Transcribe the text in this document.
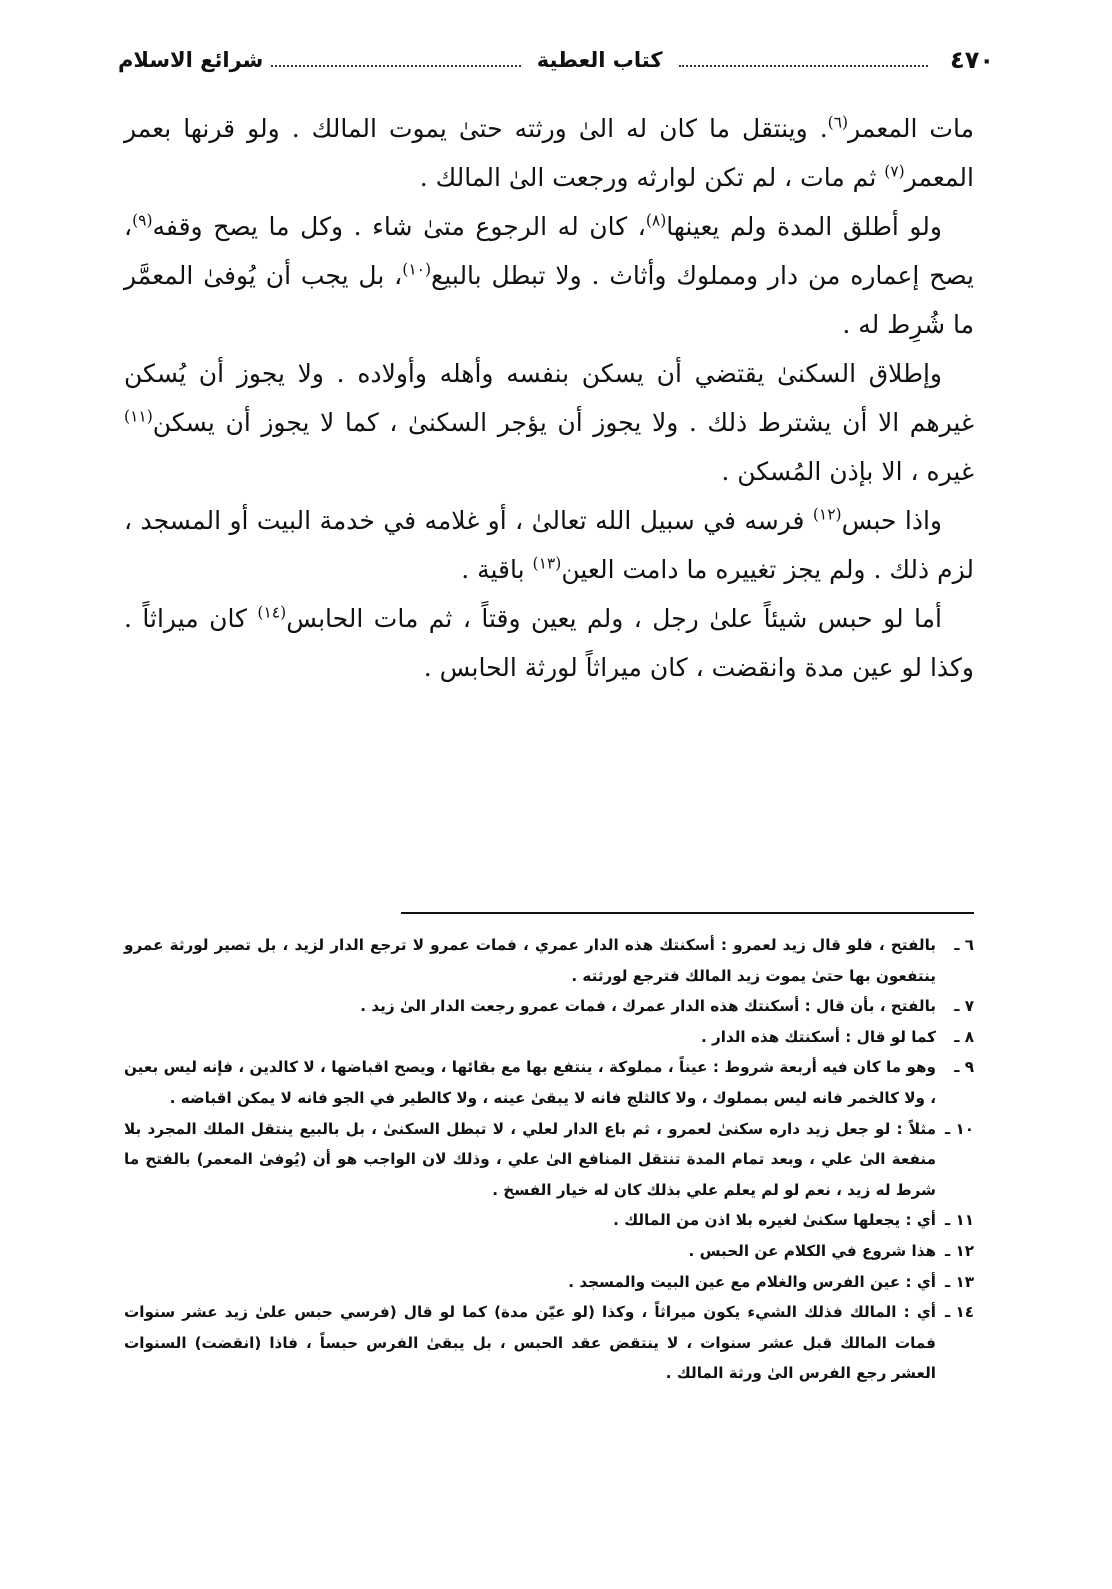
٤٧٠
كتاب العطية
شرائع الاسلام

مات المعمر$^{(٦)}$. وينتقل ما كان له الىٰ ورثته حتىٰ يموت المالك . ولو قرنها بعمر المعمر$^{(٧)}$ ثم مات ، لم تكن لوارثه ورجعت الىٰ المالك .

ولو أطلق المدة ولم يعينها$^{(٨)}$، كان له الرجوع متىٰ شاء . وكل ما يصح وقفه$^{(٩)}$، يصح إعماره من دار ومملوك وأثاث . ولا تبطل بالبيع$^{(١٠)}$، بل يجب أن يُوفىٰ المعمَّر ما شُرِط له .

وإطلاق السكنىٰ يقتضي أن يسكن بنفسه وأهله وأولاده . ولا يجوز أن يُسكن غيرهم الا أن يشترط ذلك . ولا يجوز أن يؤجر السكنىٰ ، كما لا يجوز أن يسكن$^{(١١)}$ غيره ، الا بإذن المُسكن .

واذا حبس$^{(١٢)}$ فرسه في سبيل الله تعالىٰ ، أو غلامه في خدمة البيت أو المسجد ، لزم ذلك . ولم يجز تغييره ما دامت العين$^{(١٣)}$ باقية .

أما لو حبس شيئاً علىٰ رجل ، ولم يعين وقتاً ، ثم مات الحابس$^{(١٤)}$ كان ميراثاً . وكذا لو عين مدة وانقضت ، كان ميراثاً لورثة الحابس .

٦ ـ
بالفتح ، فلو قال زيد لعمرو : أسكنتك هذه الدار عمري ، فمات عمرو لا ترجع الدار لزيد ، بل تصير لورثة عمرو ينتفعون بها حتىٰ يموت زيد المالك فترجع لورثته .
٧ ـ
بالفتح ، بأن قال : أسكنتك هذه الدار عمرك ، فمات عمرو رجعت الدار الىٰ زيد .
٨ ـ
كما لو قال : أسكنتك هذه الدار .
٩ ـ
وهو ما كان فيه أربعة شروط : عيناً ، مملوكة ، ينتفع بها مع بقائها ، ويصح اقباضها ، لا كالدين ، فإنه ليس بعين ، ولا كالخمر فانه ليس بمملوك ، ولا كالثلج فانه لا يبقىٰ عينه ، ولا كالطير في الجو فانه لا يمكن اقباضه .
١٠ ـ
مثلاً : لو جعل زيد داره سكنىٰ لعمرو ، ثم باع الدار لعلي ، لا تبطل السكنىٰ ، بل بالبيع ينتقل الملك المجرد بلا منفعة الىٰ علي ، وبعد تمام المدة تنتقل المنافع الىٰ علي ، وذلك لان الواجب هو أن (يُوفىٰ المعمر) بالفتح ما شرط له زيد ، نعم لو لم يعلم علي بذلك كان له خيار الفسخ .
١١ ـ
أي : يجعلها سكنىٰ لغيره بلا اذن من المالك .
١٢ ـ
هذا شروع في الكلام عن الحبس .
١٣ ـ
أي : عين الفرس والغلام مع عين البيت والمسجد .
١٤ ـ
أي : المالك فذلك الشيء يكون ميراثاً ، وكذا (لو عيّن مدة) كما لو قال (فرسي حبس علىٰ زيد عشر سنوات فمات المالك قبل عشر سنوات ، لا ينتقض عقد الحبس ، بل يبقىٰ الفرس حبساً ، فاذا (انقضت) السنوات العشر رجع الفرس الىٰ ورثة المالك .
